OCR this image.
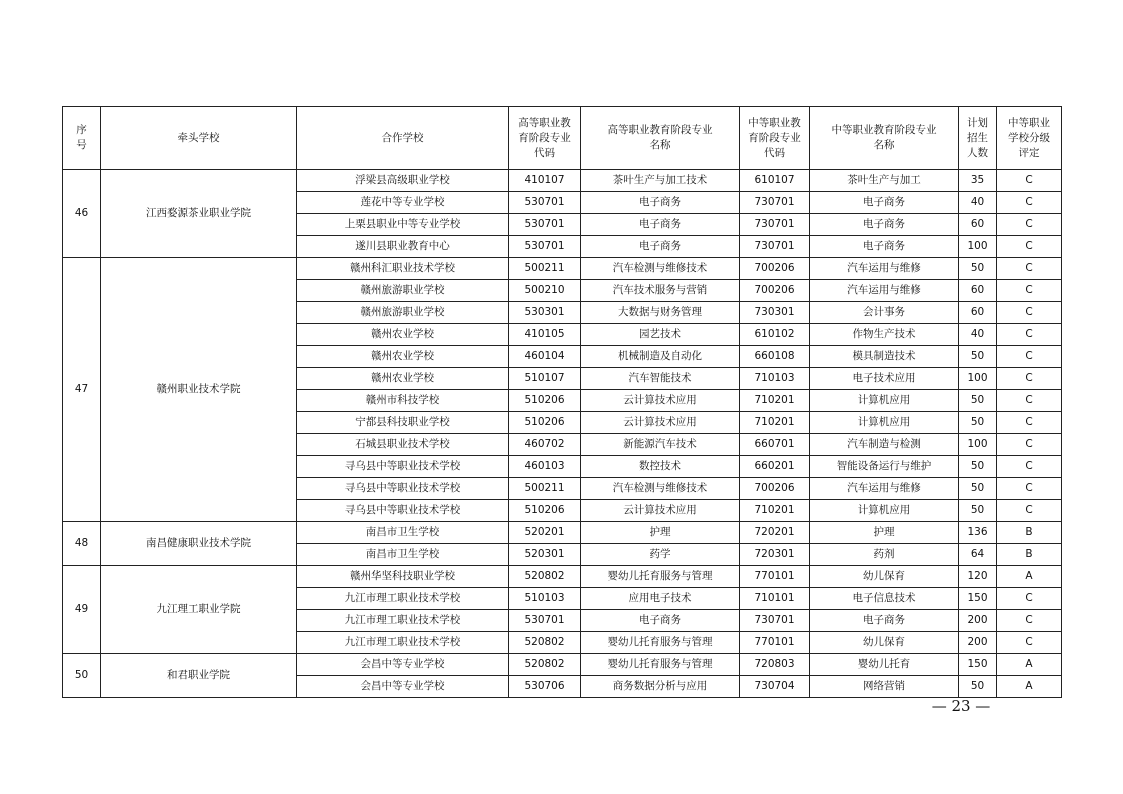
序号	牵头学校	合作学校	高等职业教育阶段专业代码	高等职业教育阶段专业名称	中等职业教育阶段专业代码	中等职业教育阶段专业名称	计划招生人数	中等职业学校分级评定
46	江西婺源茶业职业学院	浮梁县高级职业学校	410107	茶叶生产与加工技术	610107	茶叶生产与加工	35	C
		莲花中等专业学校	530701	电子商务	730701	电子商务	40	C
		上栗县职业中等专业学校	530701	电子商务	730701	电子商务	60	C
		遂川县职业教育中心	530701	电子商务	730701	电子商务	100	C
47	赣州职业技术学院	赣州科汇职业技术学校	500211	汽车检测与维修技术	700206	汽车运用与维修	50	C
		赣州旅游职业学校	500210	汽车技术服务与营销	700206	汽车运用与维修	60	C
		赣州旅游职业学校	530301	大数据与财务管理	730301	会计事务	60	C
		赣州农业学校	410105	园艺技术	610102	作物生产技术	40	C
		赣州农业学校	460104	机械制造及自动化	660108	模具制造技术	50	C
		赣州农业学校	510107	汽车智能技术	710103	电子技术应用	100	C
		赣州市科技学校	510206	云计算技术应用	710201	计算机应用	50	C
		宁都县科技职业学校	510206	云计算技术应用	710201	计算机应用	50	C
		石城县职业技术学校	460702	新能源汽车技术	660701	汽车制造与检测	100	C
		寻乌县中等职业技术学校	460103	数控技术	660201	智能设备运行与维护	50	C
		寻乌县中等职业技术学校	500211	汽车检测与维修技术	700206	汽车运用与维修	50	C
		寻乌县中等职业技术学校	510206	云计算技术应用	710201	计算机应用	50	C
48	南昌健康职业技术学院	南昌市卫生学校	520201	护理	720201	护理	136	B
		南昌市卫生学校	520301	药学	720301	药剂	64	B
49	九江理工职业学院	赣州华坚科技职业学校	520802	婴幼儿托育服务与管理	770101	幼儿保育	120	A
		九江市理工职业技术学校	510103	应用电子技术	710101	电子信息技术	150	C
		九江市理工职业技术学校	530701	电子商务	730701	电子商务	200	C
		九江市理工职业技术学校	520802	婴幼儿托育服务与管理	770101	幼儿保育	200	C
50	和君职业学院	会昌中等专业学校	520802	婴幼儿托育服务与管理	720803	婴幼儿托育	150	A
		会昌中等专业学校	530706	商务数据分析与应用	730704	网络营销	50	A
— 23 —
